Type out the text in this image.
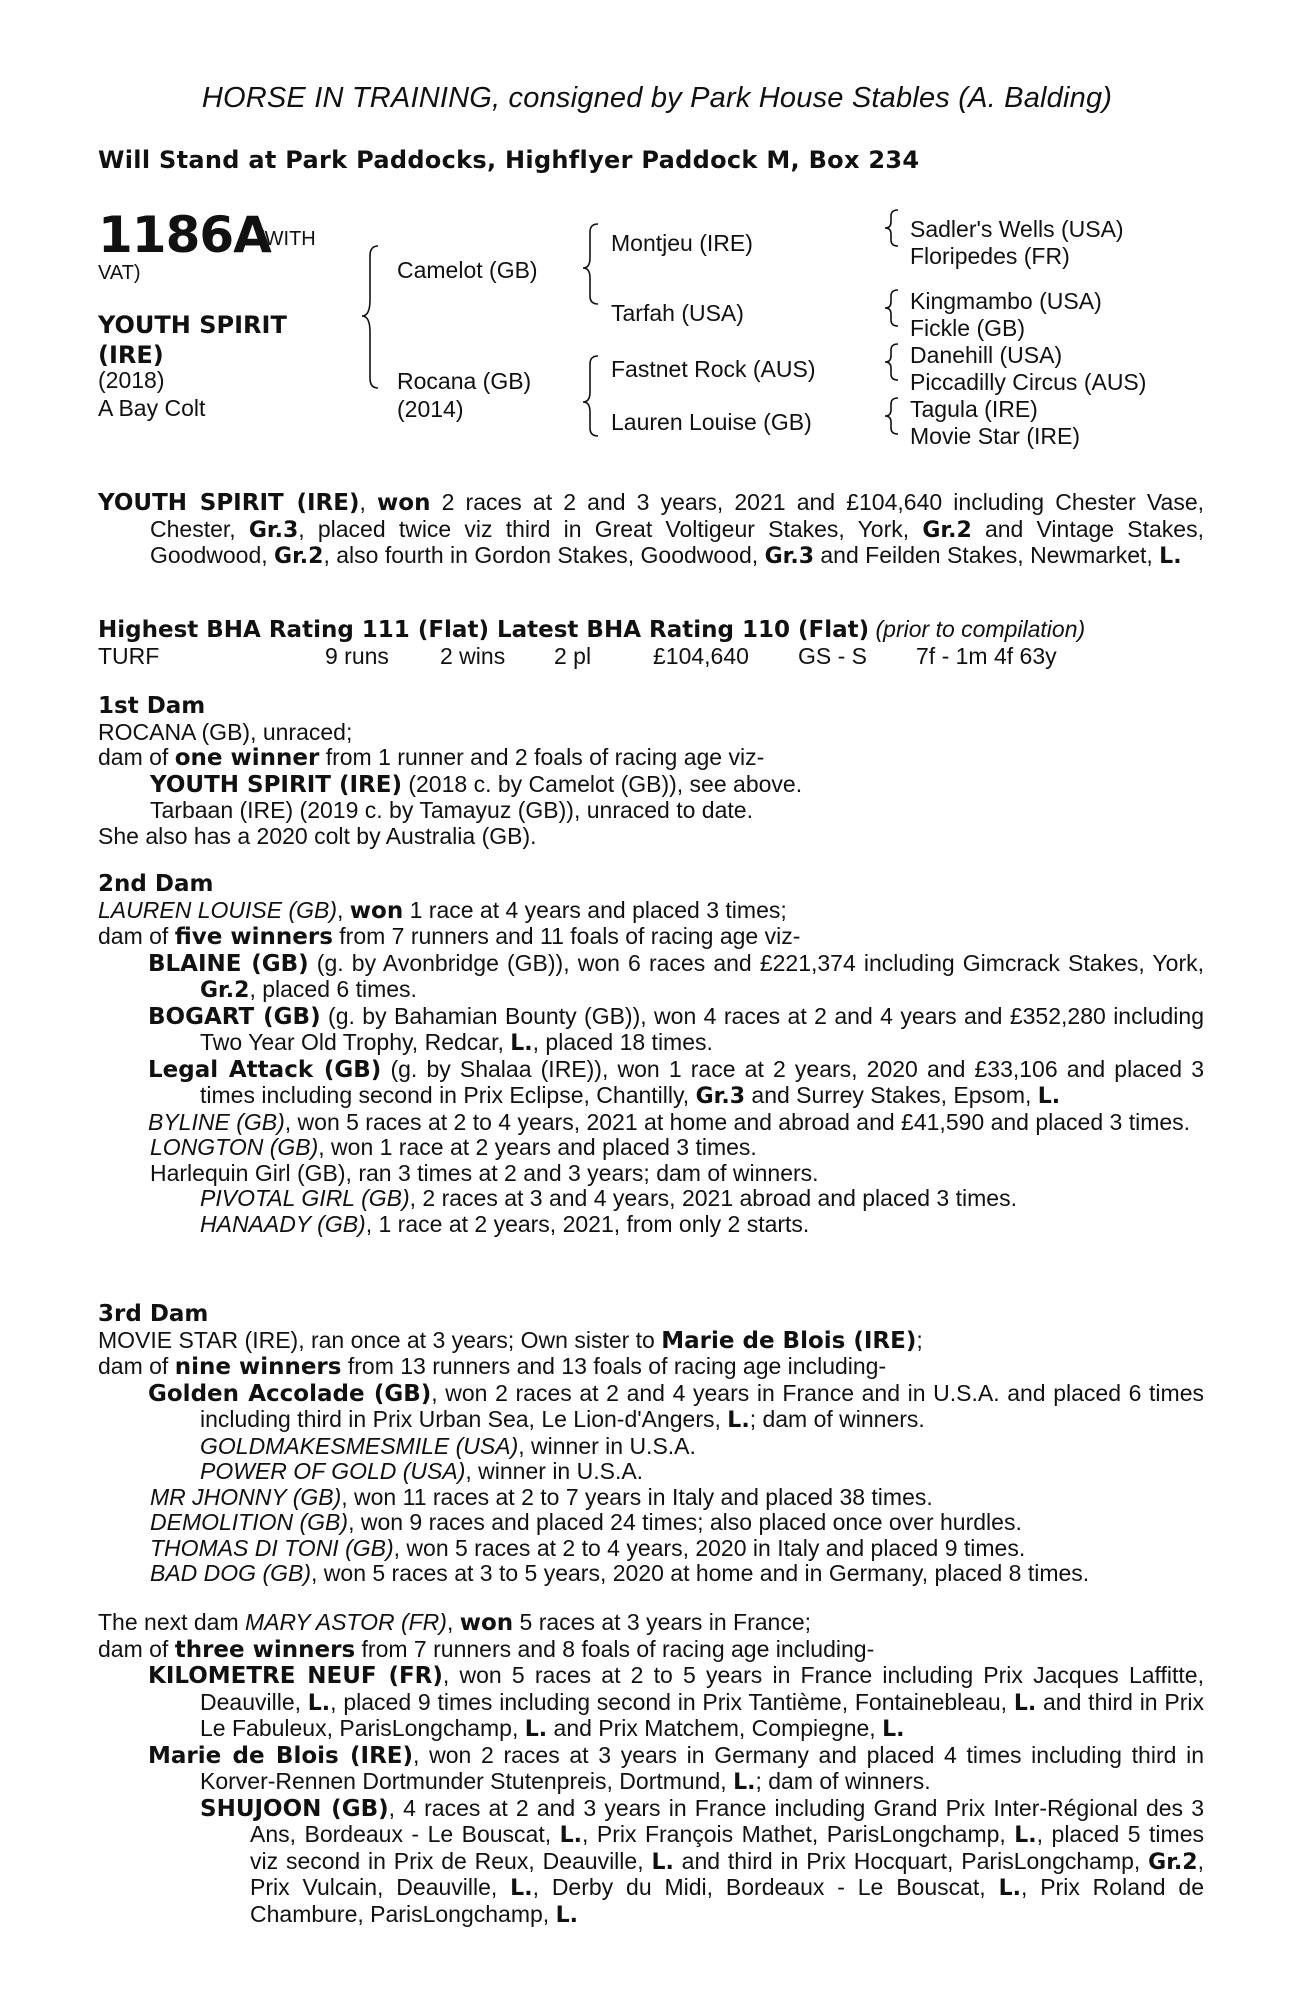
HORSE IN TRAINING, consigned by Park House Stables (A. Balding)
Will Stand at Park Paddocks, Highflyer Paddock M, Box 234
1186A
(WITH
VAT)
YOUTH SPIRIT (IRE)
(2018)
A Bay Colt
Camelot (GB)
Rocana (GB)
(2014)
Montjeu (IRE)
Tarfah (USA)
Fastnet Rock (AUS)
Lauren Louise (GB)
Sadler's Wells (USA)
Floripedes (FR)
Kingmambo (USA)
Fickle (GB)
Danehill (USA)
Piccadilly Circus (AUS)
Tagula (IRE)
Movie Star (IRE)
YOUTH SPIRIT (IRE), won 2 races at 2 and 3 years, 2021 and £104,640 including Chester Vase, Chester, Gr.3, placed twice viz third in Great Voltigeur Stakes, York, Gr.2 and Vintage Stakes, Goodwood, Gr.2, also fourth in Gordon Stakes, Goodwood, Gr.3 and Feilden Stakes, Newmarket, L.
Highest BHA Rating 111 (Flat) Latest BHA Rating 110 (Flat) (prior to compilation)
TURF	9 runs 2 wins 2 pl	£104,640 GS - S 7f - 1m 4f 63y
1st Dam
ROCANA (GB), unraced;
dam of one winner from 1 runner and 2 foals of racing age viz-
YOUTH SPIRIT (IRE) (2018 c. by Camelot (GB)), see above.
Tarbaan (IRE) (2019 c. by Tamayuz (GB)), unraced to date.
She also has a 2020 colt by Australia (GB).
2nd Dam
LAUREN LOUISE (GB), won 1 race at 4 years and placed 3 times;
dam of five winners from 7 runners and 11 foals of racing age viz-
BLAINE (GB) (g. by Avonbridge (GB)), won 6 races and £221,374 including Gimcrack Stakes, York, Gr.2, placed 6 times.
BOGART (GB) (g. by Bahamian Bounty (GB)), won 4 races at 2 and 4 years and £352,280 including Two Year Old Trophy, Redcar, L., placed 18 times.
Legal Attack (GB) (g. by Shalaa (IRE)), won 1 race at 2 years, 2020 and £33,106 and placed 3 times including second in Prix Eclipse, Chantilly, Gr.3 and Surrey Stakes, Epsom, L.
BYLINE (GB), won 5 races at 2 to 4 years, 2021 at home and abroad and £41,590 and placed 3 times.
LONGTON (GB), won 1 race at 2 years and placed 3 times.
Harlequin Girl (GB), ran 3 times at 2 and 3 years; dam of winners.
PIVOTAL GIRL (GB), 2 races at 3 and 4 years, 2021 abroad and placed 3 times.
HANAADY (GB), 1 race at 2 years, 2021, from only 2 starts.
3rd Dam
MOVIE STAR (IRE), ran once at 3 years; Own sister to Marie de Blois (IRE);
dam of nine winners from 13 runners and 13 foals of racing age including-
Golden Accolade (GB), won 2 races at 2 and 4 years in France and in U.S.A. and placed 6 times including third in Prix Urban Sea, Le Lion-d'Angers, L.; dam of winners.
GOLDMAKESMESMILE (USA), winner in U.S.A.
POWER OF GOLD (USA), winner in U.S.A.
MR JHONNY (GB), won 11 races at 2 to 7 years in Italy and placed 38 times.
DEMOLITION (GB), won 9 races and placed 24 times; also placed once over hurdles.
THOMAS DI TONI (GB), won 5 races at 2 to 4 years, 2020 in Italy and placed 9 times.
BAD DOG (GB), won 5 races at 3 to 5 years, 2020 at home and in Germany, placed 8 times.
The next dam MARY ASTOR (FR), won 5 races at 3 years in France;
dam of three winners from 7 runners and 8 foals of racing age including-
KILOMETRE NEUF (FR), won 5 races at 2 to 5 years in France including Prix Jacques Laffitte, Deauville, L., placed 9 times including second in Prix Tantième, Fontainebleau, L. and third in Prix Le Fabuleux, ParisLongchamp, L. and Prix Matchem, Compiegne, L.
Marie de Blois (IRE), won 2 races at 3 years in Germany and placed 4 times including third in Korver-Rennen Dortmunder Stutenpreis, Dortmund, L.; dam of winners.
SHUJOON (GB), 4 races at 2 and 3 years in France including Grand Prix Inter-Régional des 3 Ans, Bordeaux - Le Bouscat, L., Prix François Mathet, ParisLongchamp, L., placed 5 times viz second in Prix de Reux, Deauville, L. and third in Prix Hocquart, ParisLongchamp, Gr.2, Prix Vulcain, Deauville, L., Derby du Midi, Bordeaux - Le Bouscat, L., Prix Roland de Chambure, ParisLongchamp, L.
